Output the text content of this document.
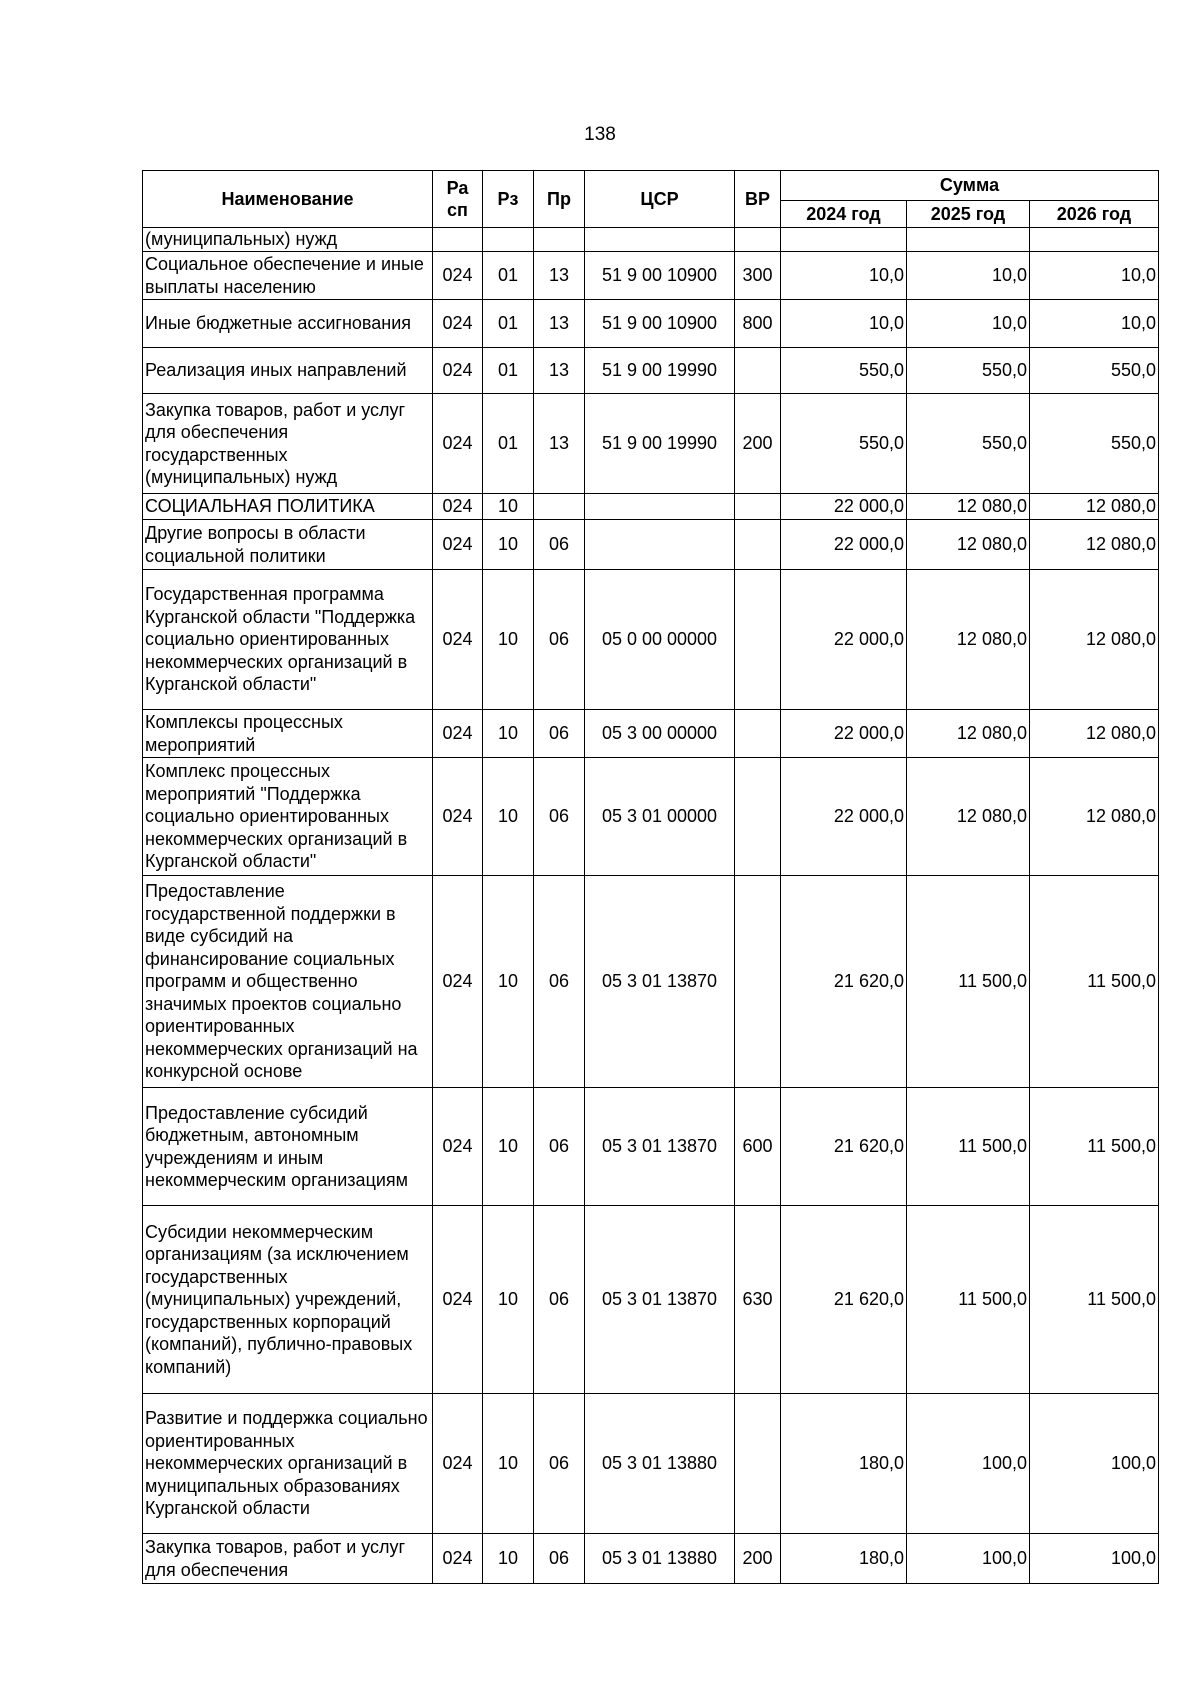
138
Наименование	Ра сп	Рз	Пр	ЦСР	ВР	Сумма		
						2024 год	2025 год	2026 год
(муниципальных) нужд								
Социальное обеспечение и иные выплаты населению	024	01	13	51 9 00 10900	300	10,0	10,0	10,0
Иные бюджетные ассигнования	024	01	13	51 9 00 10900	800	10,0	10,0	10,0
Реализация иных направлений	024	01	13	51 9 00 19990		550,0	550,0	550,0
Закупка товаров, работ и услуг для обеспечения государственных (муниципальных) нужд	024	01	13	51 9 00 19990	200	550,0	550,0	550,0
СОЦИАЛЬНАЯ ПОЛИТИКА	024	10				22 000,0	12 080,0	12 080,0
Другие вопросы в области социальной политики	024	10	06			22 000,0	12 080,0	12 080,0
Государственная программа Курганской области "Поддержка социально ориентированных некоммерческих организаций в Курганской области"	024	10	06	05 0 00 00000		22 000,0	12 080,0	12 080,0
Комплексы процессных мероприятий	024	10	06	05 3 00 00000		22 000,0	12 080,0	12 080,0
Комплекс процессных мероприятий "Поддержка социально ориентированных некоммерческих организаций в Курганской области"	024	10	06	05 3 01 00000		22 000,0	12 080,0	12 080,0
Предоставление государственной поддержки в виде субсидий на финансирование социальных программ и общественно значимых проектов социально ориентированных некоммерческих организаций на конкурсной основе	024	10	06	05 3 01 13870		21 620,0	11 500,0	11 500,0
Предоставление субсидий бюджетным, автономным учреждениям и иным некоммерческим организациям	024	10	06	05 3 01 13870	600	21 620,0	11 500,0	11 500,0
Субсидии некоммерческим организациям (за исключением государственных (муниципальных) учреждений, государственных корпораций (компаний), публично-правовых компаний)	024	10	06	05 3 01 13870	630	21 620,0	11 500,0	11 500,0
Развитие и поддержка социально ориентированных некоммерческих организаций в муниципальных образованиях Курганской области	024	10	06	05 3 01 13880		180,0	100,0	100,0
Закупка товаров, работ и услуг для обеспечения	024	10	06	05 3 01 13880	200	180,0	100,0	100,0
